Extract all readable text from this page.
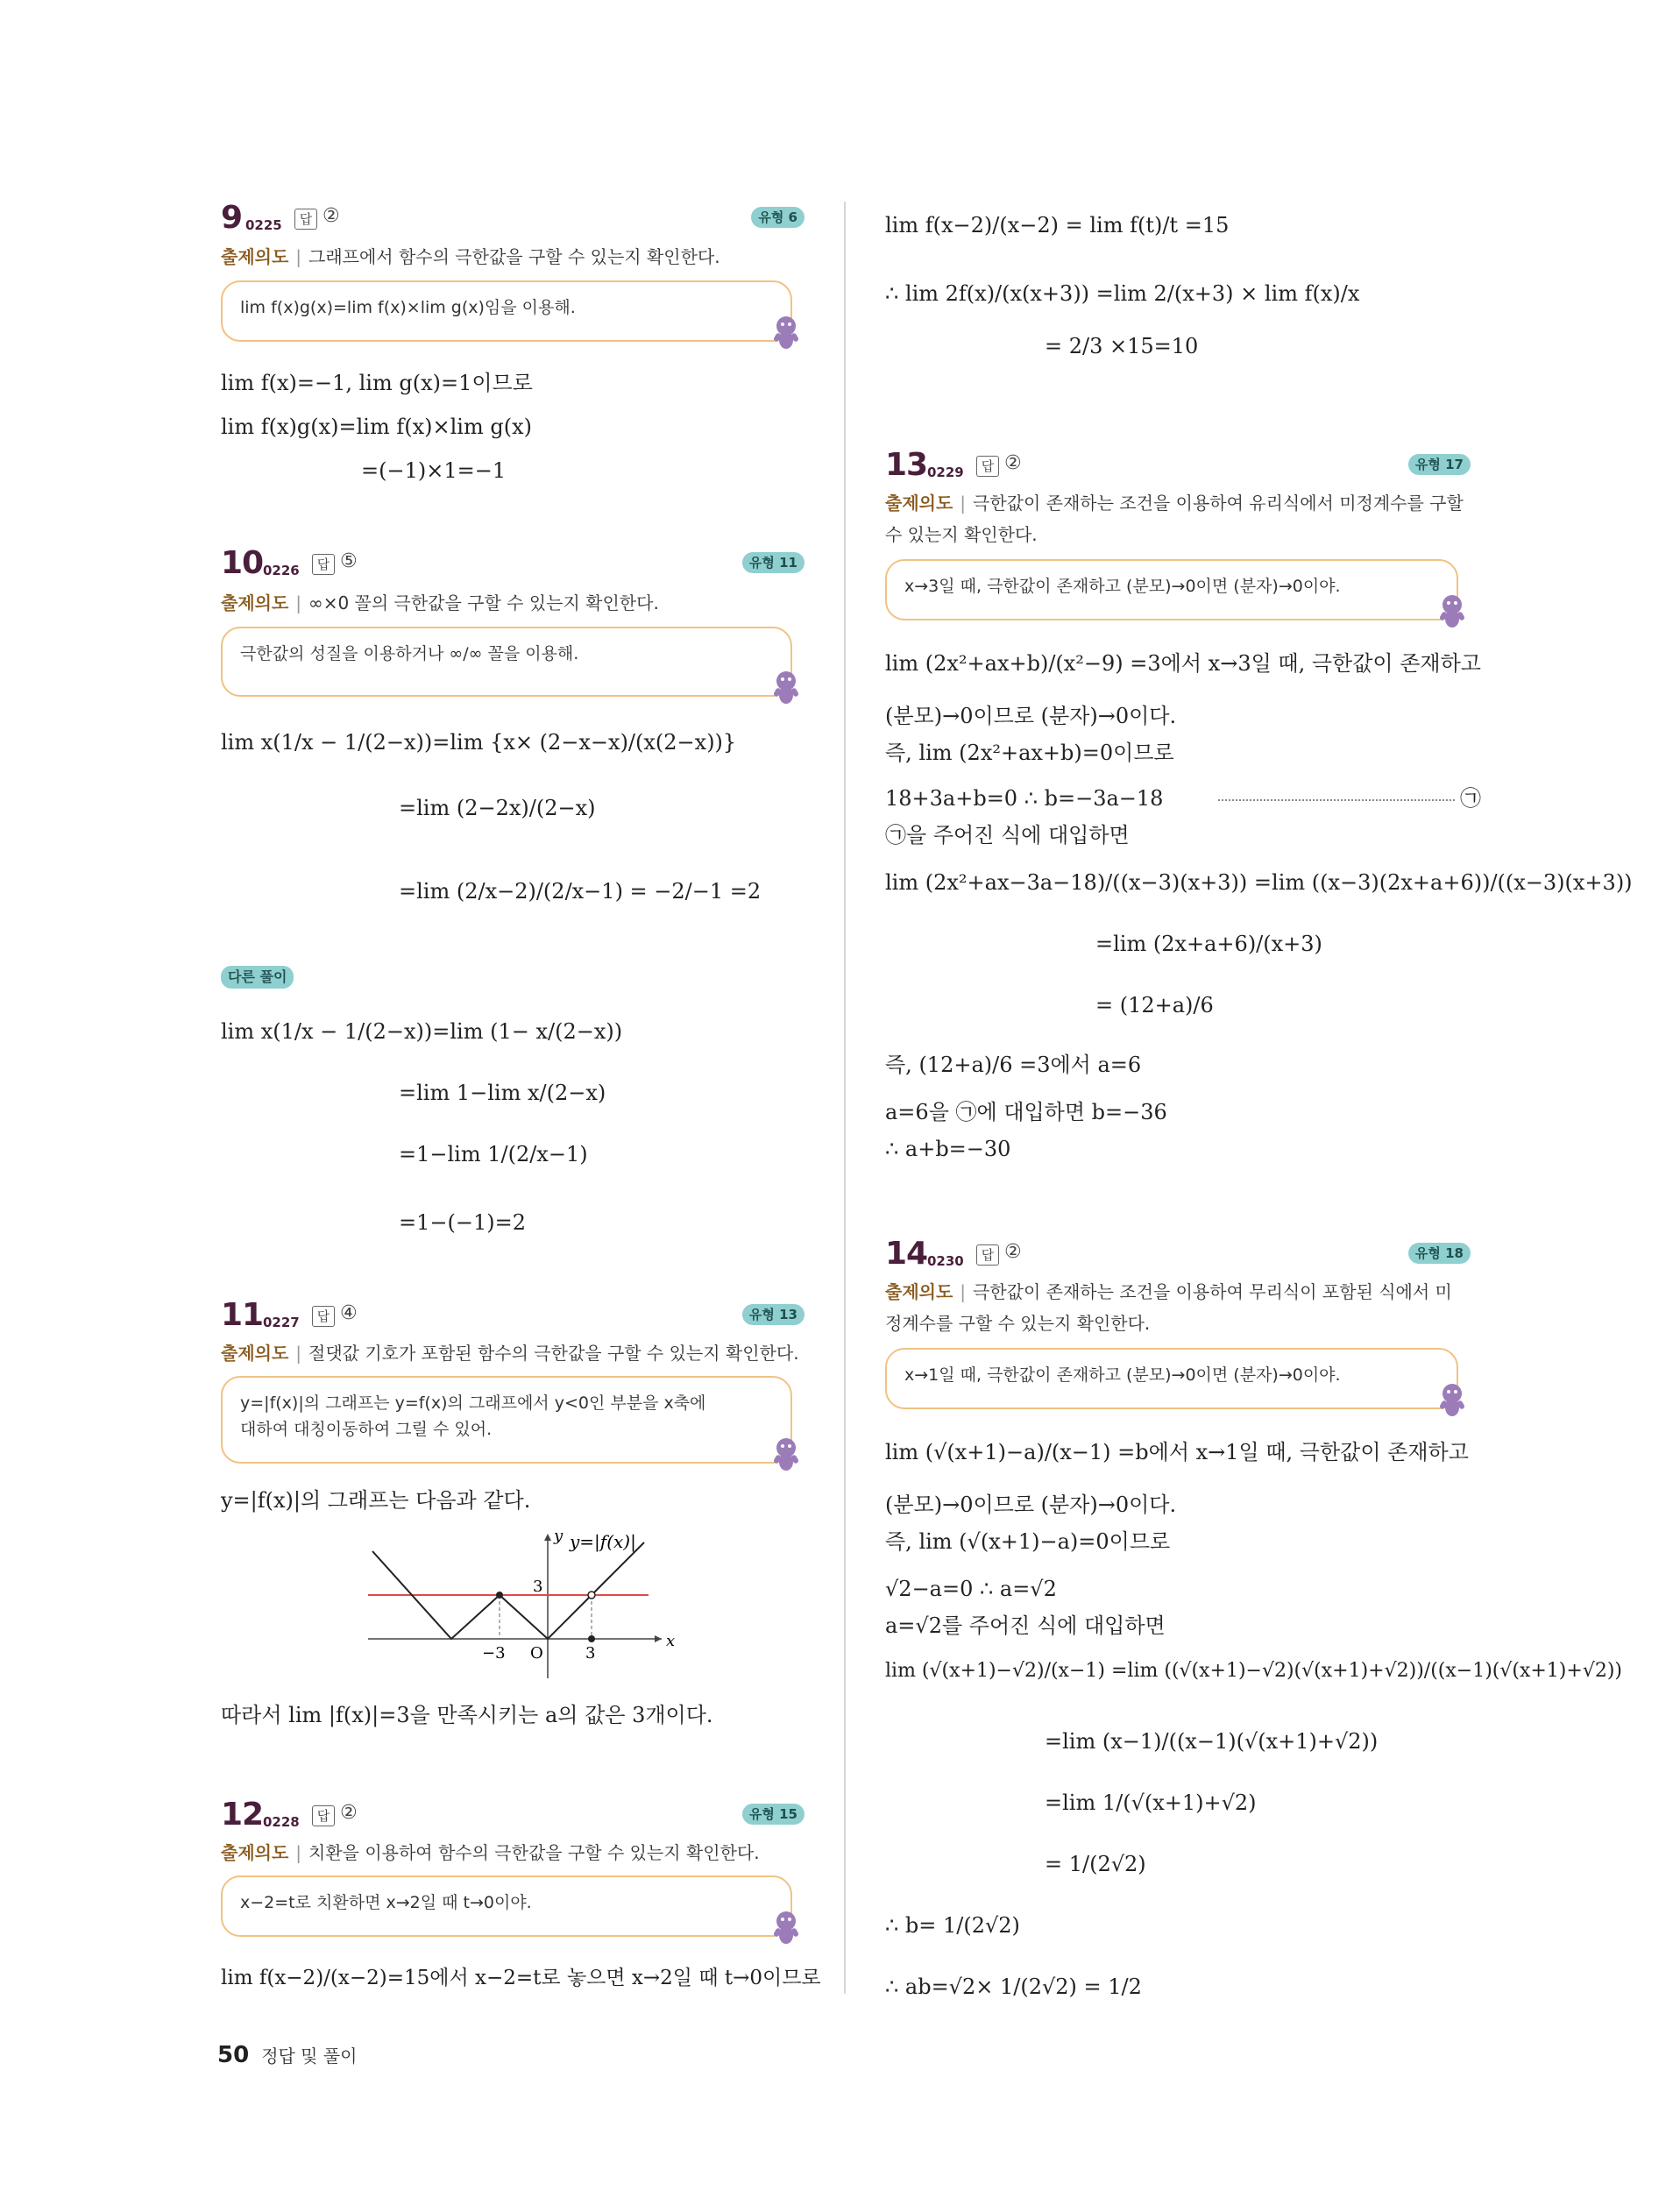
9 0225	답 ②	유형 6
출제의도 | 그래프에서 함수의 극한값을 구할 수 있는지 확인한다.
lim f(x)g(x)=lim f(x)×lim g(x)임을 이용해.
lim f(x)=−1, lim g(x)=1이므로
lim f(x)g(x)=lim f(x)×lim g(x)
=(−1)×1=−1
10 0226	답 ⑤	유형 11
출제의도 | ∞×0 꼴의 극한값을 구할 수 있는지 확인한다.
극한값의 성질을 이용하거나 ∞/∞ 꼴을 이용해.
lim x(1/x − 1/(2−x))=lim {x× (2−x−x)/(x(2−x))}
=lim (2−2x)/(2−x)
=lim (2/x−2)/(2/x−1) = −2/−1 =2
다른 풀이
lim x(1/x − 1/(2−x))=lim (1− x/(2−x))
=lim 1−lim x/(2−x)
=1−lim 1/(2/x−1)
=1−(−1)=2
11 0227	답 ④	유형 13
출제의도 | 절댓값 기호가 포함된 함수의 극한값을 구할 수 있는지 확인한다.
y=|f(x)|의 그래프는 y=f(x)의 그래프에서 y<0인 부분을 x축에
대하여 대칭이동하여 그릴 수 있어.
y=|f(x)|의 그래프는 다음과 같다.
y
x
y=|f(x)|
O
−3	3
3
따라서 lim |f(x)|=3을 만족시키는 a의 값은 3개이다.
12 0228	답 ②	유형 15
출제의도 | 치환을 이용하여 함수의 극한값을 구할 수 있는지 확인한다.
x−2=t로 치환하면 x→2일 때 t→0이야.
lim f(x−2)/(x−2)=15에서 x−2=t로 놓으면 x→2일 때 t→0이므로
lim f(x−2)/(x−2) = lim f(t)/t =15
∴ lim 2f(x)/(x(x+3)) =lim 2/(x+3) × lim f(x)/x
= 2/3 ×15=10
13 0229	답 ②	유형 17
출제의도 | 극한값이 존재하는 조건을 이용하여 유리식에서 미정계수를 구할
수 있는지 확인한다.
x→3일 때, 극한값이 존재하고 (분모)→0이면 (분자)→0이야.
lim (2x²+ax+b)/(x²−9) =3에서 x→3일 때, 극한값이 존재하고
(분모)→0이므로 (분자)→0이다.
즉, lim (2x²+ax+b)=0이므로
18+3a+b=0 ∴ b=−3a−18	㉠
㉠을 주어진 식에 대입하면
lim (2x²+ax−3a−18)/((x−3)(x+3)) =lim ((x−3)(2x+a+6))/((x−3)(x+3))
=lim (2x+a+6)/(x+3)
= (12+a)/6
즉, (12+a)/6 =3에서 a=6
a=6을 ㉠에 대입하면 b=−36
∴ a+b=−30
14 0230	답 ②	유형 18
출제의도 | 극한값이 존재하는 조건을 이용하여 무리식이 포함된 식에서 미
정계수를 구할 수 있는지 확인한다.
x→1일 때, 극한값이 존재하고 (분모)→0이면 (분자)→0이야.
lim (√(x+1)−a)/(x−1) =b에서 x→1일 때, 극한값이 존재하고
(분모)→0이므로 (분자)→0이다.
즉, lim (√(x+1)−a)=0이므로
√2−a=0 ∴ a=√2
a=√2를 주어진 식에 대입하면
lim (√(x+1)−√2)/(x−1) =lim ((√(x+1)−√2)(√(x+1)+√2))/((x−1)(√(x+1)+√2))
=lim (x−1)/((x−1)(√(x+1)+√2))
=lim 1/(√(x+1)+√2)
= 1/(2√2)
∴ b= 1/(2√2)
∴ ab=√2× 1/(2√2) = 1/2
50 정답 및 풀이
